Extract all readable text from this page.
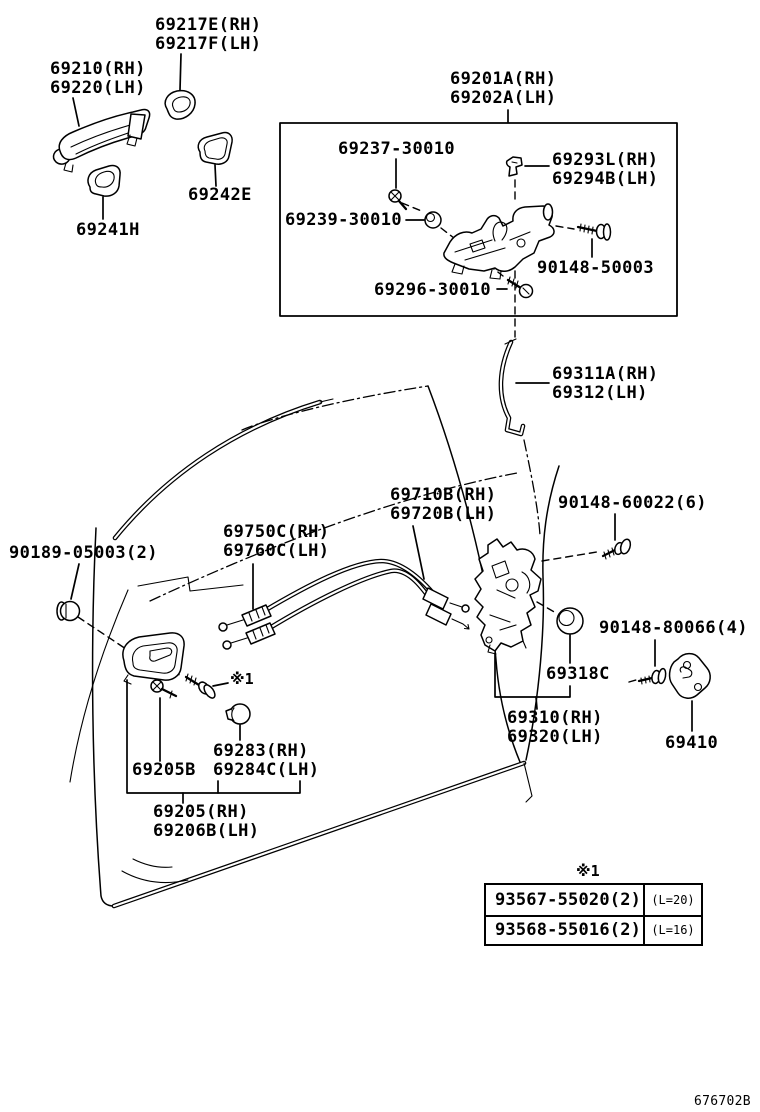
69217E(RH)
69217F(LH)
69210(RH)
69220(LH)
69242E
69241H
69201A(RH)
69202A(LH)
69237-30010
69293L(RH)
69294B(LH)
69239-30010
90148-50003
69296-30010
69311A(RH)
69312(LH)
69710B(RH)
69720B(LH)
90148-60022(6)
69750C(RH)
69760C(LH)
90189-05003(2)
90148-80066(4)
69318C
69310(RH)
69320(LH)	69410
69283(RH)
69284C(LH)
69205B
69205(RH)
69206B(LH)
※1
※1
93567-55020(2) (L=20)
93568-55016(2) (L=16)
676702B
